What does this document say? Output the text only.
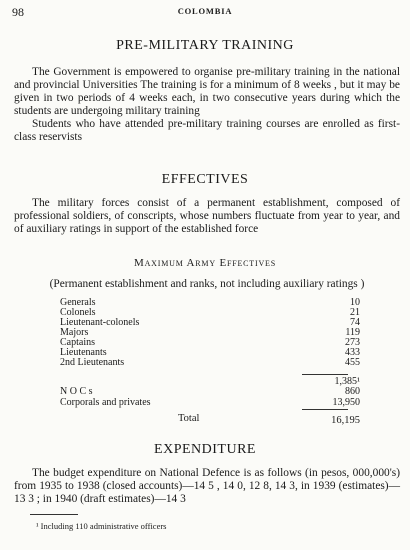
98	COLOMBIA
PRE-MILITARY TRAINING

The Government is empowered to organise pre-military training in the national and provincial Universities The training is for a minimum of 8 weeks , but it may be given in two periods of 4 weeks each, in two consecutive years during which the students are undergoing military training

Students who have attended pre-military training courses are enrolled as first-class reservists

EFFECTIVES

The military forces consist of a permanent establishment, composed of professional soldiers, of conscripts, whose numbers fluctuate from year to year, and of auxiliary ratings in support of the established force

Maximum Army Effectives
(Permanent establishment and ranks, not including auxiliary ratings )
Generals	10
Colonels	21
Lieutenant-colonels	74
Majors	119
Captains	273
Lieutenants	433
2nd Lieutenants	455
1,385¹
N O C s	860
Corporals and privates	13,950
Total	16,195
EXPENDITURE

The budget expenditure on National Defence is as follows (in pesos, 000,000's) from 1935 to 1938 (closed accounts)—14 5 , 14 0, 12 8, 14 3, in 1939 (estimates)—13 3 ; in 1940 (draft estimates)—14 3

¹ Including 110 administrative officers
